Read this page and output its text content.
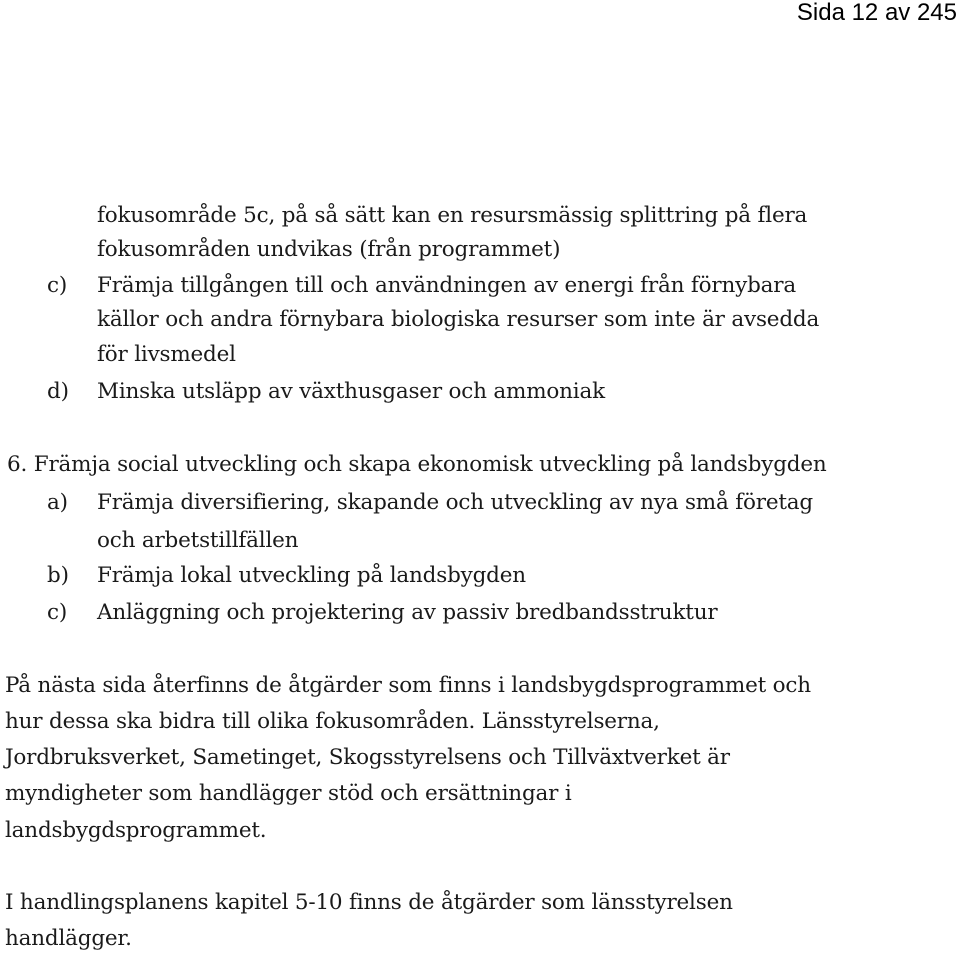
Sida 12 av 245
fokusområde 5c, på så sätt kan en resursmässig splittring på flera
fokusområden undvikas (från programmet)
c) Främja tillgången till och användningen av energi från förnybara
källor och andra förnybara biologiska resurser som inte är avsedda
för livsmedel
d) Minska utsläpp av växthusgaser och ammoniak
6. Främja social utveckling och skapa ekonomisk utveckling på landsbygden
a) Främja diversifiering, skapande och utveckling av nya små företag
och arbetstillfällen
b) Främja lokal utveckling på landsbygden
c) Anläggning och projektering av passiv bredbandsstruktur
På nästa sida återfinns de åtgärder som finns i landsbygdsprogrammet och
hur dessa ska bidra till olika fokusområden. Länsstyrelserna,
Jordbruksverket, Sametinget, Skogsstyrelsens och Tillväxtverket är
myndigheter som handlägger stöd och ersättningar i
landsbygdsprogrammet.
I handlingsplanens kapitel 5-10 finns de åtgärder som länsstyrelsen
handlägger.
